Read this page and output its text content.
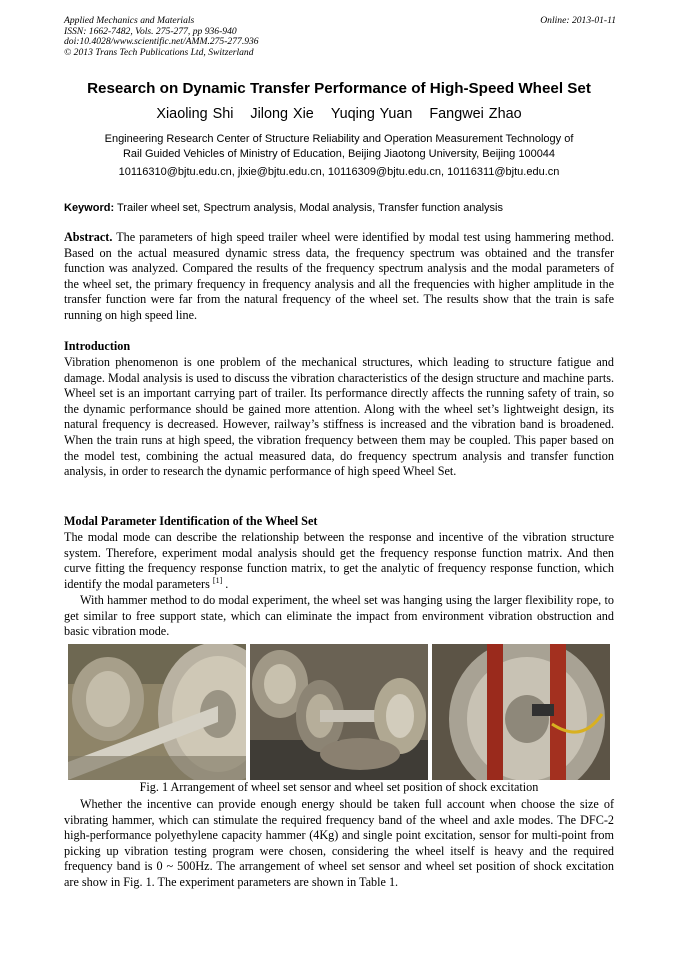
Applied Mechanics and Materials
ISSN: 1662-7482, Vols. 275-277, pp 936-940
doi:10.4028/www.scientific.net/AMM.275-277.936
© 2013 Trans Tech Publications Ltd, Switzerland
Online: 2013-01-11
Research on Dynamic Transfer Performance of High-Speed Wheel Set
Xiaoling Shi Jilong Xie Yuqing Yuan Fangwei Zhao
Engineering Research Center of Structure Reliability and Operation Measurement Technology of
Rail Guided Vehicles of Ministry of Education, Beijing Jiaotong University, Beijing 100044
10116310@bjtu.edu.cn, jlxie@bjtu.edu.cn, 10116309@bjtu.edu.cn, 10116311@bjtu.edu.cn
Keyword: Trailer wheel set, Spectrum analysis, Modal analysis, Transfer function analysis
Abstract. The parameters of high speed trailer wheel were identified by modal test using hammering method. Based on the actual measured dynamic stress data, the frequency spectrum was obtained and the transfer function was analyzed. Compared the results of the frequency spectrum analysis and the modal parameters of the wheel set, the primary frequency in frequency analysis and all the frequencies with higher amplitude in the transfer function were far from the natural frequency of the wheel set. The results show that the train is safe running on high speed line.
Introduction
Vibration phenomenon is one problem of the mechanical structures, which leading to structure fatigue and damage. Modal analysis is used to discuss the vibration characteristics of the design structure and machine parts. Wheel set is an important carrying part of trailer. Its performance directly affects the running safety of train, so the dynamic performance should be gained more attention. Along with the wheel set’s lightweight design, its natural frequency is decreased. However, railway’s stiffness is increased and the vibration band is broadened. When the train runs at high speed, the vibration frequency between them may be coupled. This paper based on the model test, combining the actual measured data, do frequency spectrum analysis and transfer function analysis, in order to research the dynamic performance of high speed Wheel Set.
Modal Parameter Identification of the Wheel Set
The modal mode can describe the relationship between the response and incentive of the vibration structure system. Therefore, experiment modal analysis should get the frequency response function matrix. And then curve fitting the frequency response function matrix, to get the analytic of frequency response function, which identify the modal parameters [1] .
With hammer method to do modal experiment, the wheel set was hanging using the larger flexibility rope, to get similar to free support state, which can eliminate the impact from environment vibration obstruction and basic vibration mode.
Fig. 1 Arrangement of wheel set sensor and wheel set position of shock excitation
Whether the incentive can provide enough energy should be taken full account when choose the size of vibrating hammer, which can stimulate the required frequency band of the wheel and axle modes. The DFC-2 high-performance polyethylene capacity hammer (4Kg) and single point excitation, sensor for multi-point from picking up vibration testing program were chosen, considering the wheel itself is heavy and the required frequency band is 0 ~ 500Hz. The arrangement of wheel set sensor and wheel set position of shock excitation are show in Fig. 1. The experiment parameters are shown in Table 1.
